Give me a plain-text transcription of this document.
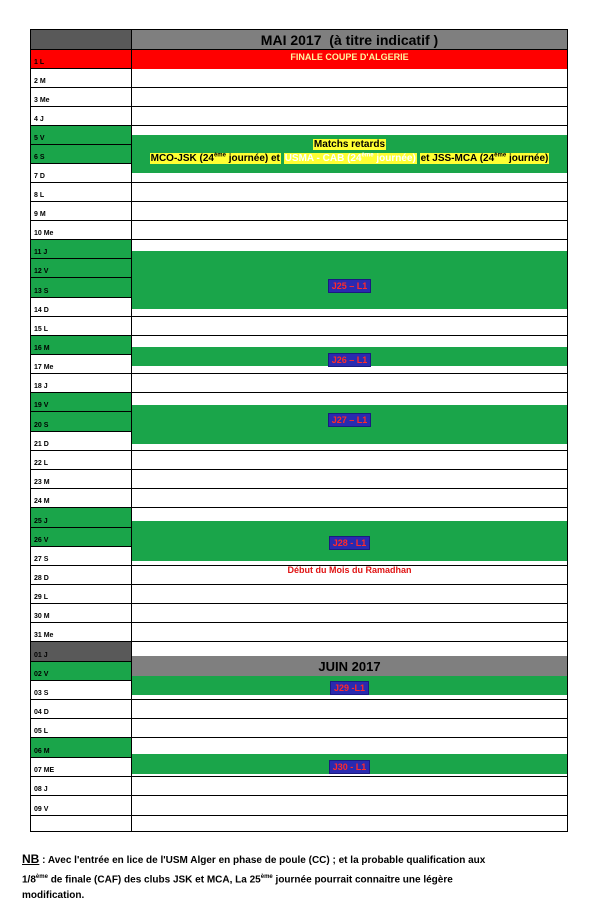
MAI 2017 (à titre indicatif )
1 L
2 M
3 Me
4 J
5 V
6 S
7 D
8 L
9 M
10 Me
11 J
12 V
13 S
14 D
15 L
16 M
17 Me
18 J
19 V
20 S
21 D
22 L
23 M
24 M
25 J
26 V
27 S
28 D
29 L
30 M
31 Me
01 J
02 V
03 S
04 D
05 L
06 M
07 ME
08 J
09 V
FINALE COUPE D'ALGERIE
Matchs retards
MCO-JSK (24ème journée) et USMA - CAB (24ème journée) et JSS-MCA (24ème journée)
J25 – L1
J26 – L1
J27 – L1
J28 - L1
Début du Mois du Ramadhan
JUIN 2017
J29 -L1
J30 - L1
NB : Avec l'entrée en lice de l'USM Alger en phase de poule (CC) ; et la probable qualification aux
1/8ème de finale (CAF) des clubs JSK et MCA, La 25ème journée pourrait connaitre une légère
modification.
